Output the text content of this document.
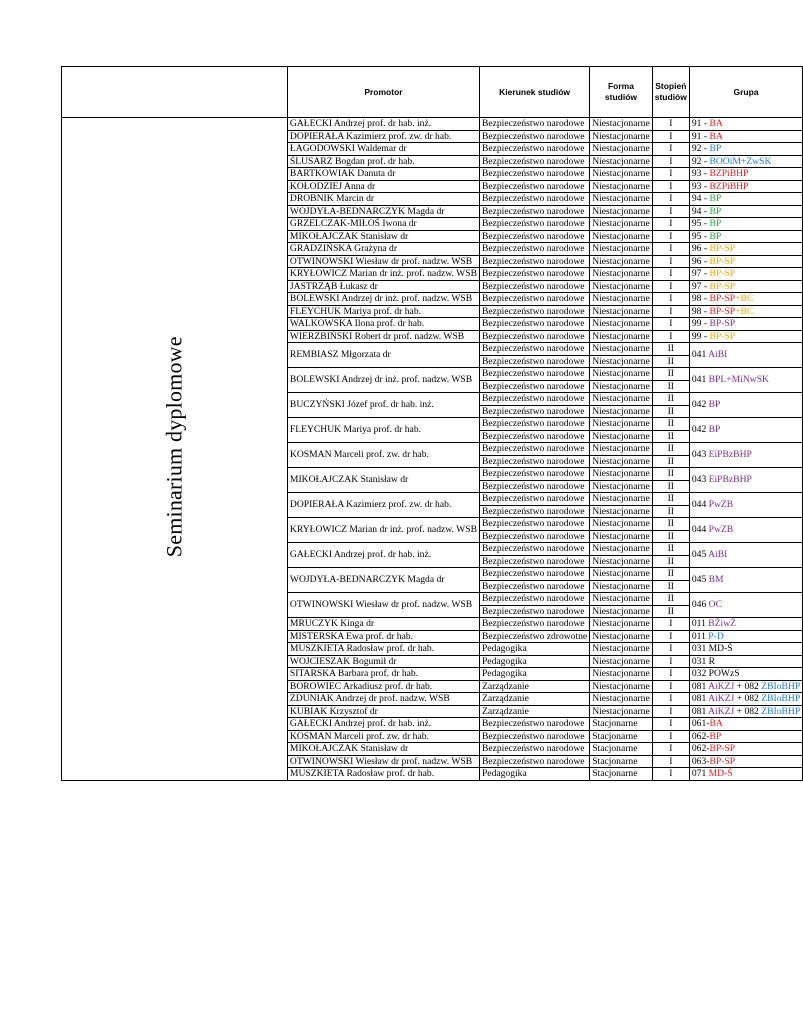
	Promotor	Kierunek studiów	Forma studiów	Stopień studiów	Grupa
Seminarium dyplomowe	GAŁECKI Andrzej prof. dr hab. inż.	Bezpieczeństwo narodowe	Niestacjonarne	I	91 - BA
	DOPIERAŁA Kazimierz prof. zw. dr hab.	Bezpieczeństwo narodowe	Niestacjonarne	I	91 - BA
	ŁAGODOWSKI Waldemar dr	Bezpieczeństwo narodowe	Niestacjonarne	I	92 - BP
	ŚLUSARZ Bogdan prof. dr hab.	Bezpieczeństwo narodowe	Niestacjonarne	I	92 - BOOiM+ZwSK
	BARTKOWIAK Danuta dr	Bezpieczeństwo narodowe	Niestacjonarne	I	93 - BZPiBHP
	KOŁODZIEJ Anna dr	Bezpieczeństwo narodowe	Niestacjonarne	I	93 - BZPiBHP
	DROBNIK Marcin dr	Bezpieczeństwo narodowe	Niestacjonarne	I	94 - BP
	WOJDYŁA-BEDNARCZYK Magda dr	Bezpieczeństwo narodowe	Niestacjonarne	I	94 - BP
	GRZELCZAK-MIŁOŚ Iwona dr	Bezpieczeństwo narodowe	Niestacjonarne	I	95 - BP
	MIKOŁAJCZAK Stanisław dr	Bezpieczeństwo narodowe	Niestacjonarne	I	95 - BP
	GRADZIŃSKA Grażyna dr	Bezpieczeństwo narodowe	Niestacjonarne	I	96 - BP-SP
	OTWINOWSKI Wiesław dr prof. nadzw. WSB	Bezpieczeństwo narodowe	Niestacjonarne	I	96 - BP-SP
	KRYŁOWICZ Marian dr inż. prof. nadzw. WSB	Bezpieczeństwo narodowe	Niestacjonarne	I	97 - BP-SP
	JASTRZĄB Łukasz dr	Bezpieczeństwo narodowe	Niestacjonarne	I	97 - BP-SP
	BOLEWSKI Andrzej dr inż. prof. nadzw. WSB	Bezpieczeństwo narodowe	Niestacjonarne	I	98 - BP-SP+BC
	FLEYCHUK Mariya prof. dr hab.	Bezpieczeństwo narodowe	Niestacjonarne	I	98 - BP-SP+BC
	WALKOWSKA Ilona prof. dr hab.	Bezpieczeństwo narodowe	Niestacjonarne	I	99 - BP-SP
	WIERZBIŃSKI Robert dr prof. nadzw. WSB	Bezpieczeństwo narodowe	Niestacjonarne	I	99 - BP-SP
	REMBIASZ Młgorzata dr	Bezpieczeństwo narodowe	Niestacjonarne	II	041 AiBI
		Bezpieczeństwo narodowe	Niestacjonarne	II	
	BOLEWSKI Andrzej dr inż. prof. nadzw. WSB	Bezpieczeństwo narodowe	Niestacjonarne	II	041 BPL+MiNwSK
		Bezpieczeństwo narodowe	Niestacjonarne	II	
	BUCZYŃSKI Józef prof. dr hab. inż.	Bezpieczeństwo narodowe	Niestacjonarne	II	042 BP
		Bezpieczeństwo narodowe	Niestacjonarne	II	
	FLEYCHUK Mariya prof. dr hab.	Bezpieczeństwo narodowe	Niestacjonarne	II	042 BP
		Bezpieczeństwo narodowe	Niestacjonarne	II	
	KOSMAN Marceli prof. zw. dr hab.	Bezpieczeństwo narodowe	Niestacjonarne	II	043 EiPBzBHP
		Bezpieczeństwo narodowe	Niestacjonarne	II	
	MIKOŁAJCZAK Stanisław dr	Bezpieczeństwo narodowe	Niestacjonarne	II	043 EiPBzBHP
		Bezpieczeństwo narodowe	Niestacjonarne	II	
	DOPIERAŁA Kazimierz prof. zw. dr hab.	Bezpieczeństwo narodowe	Niestacjonarne	II	044 PwZB
		Bezpieczeństwo narodowe	Niestacjonarne	II	
	KRYŁOWICZ Marian dr inż. prof. nadzw. WSB	Bezpieczeństwo narodowe	Niestacjonarne	II	044 PwZB
		Bezpieczeństwo narodowe	Niestacjonarne	II	
	GAŁECKI Andrzej prof. dr hab. inż.	Bezpieczeństwo narodowe	Niestacjonarne	II	045 AiBI
		Bezpieczeństwo narodowe	Niestacjonarne	II	
	WOJDYŁA-BEDNARCZYK Magda dr	Bezpieczeństwo narodowe	Niestacjonarne	II	045 BM
		Bezpieczeństwo narodowe	Niestacjonarne	II	
	OTWINOWSKI Wiesław dr prof. nadzw. WSB	Bezpieczeństwo narodowe	Niestacjonarne	II	046 OC
		Bezpieczeństwo narodowe	Niestacjonarne	II	
	MRUCZYK Kinga dr	Bezpieczeństwo narodowe	Niestacjonarne	I	011 BŻiwŻ
	MISTERSKA Ewa prof. dr hab.	Bezpieczeństwo zdrowotne	Niestacjonarne	I	011 P-D
	MUSZKIETA Radosław prof. dr hab.	Pedagogika	Niestacjonarne	I	031 MD-Ś
	WOJCIESZAK Bogumił dr	Pedagogika	Niestacjonarne	I	031 R
	SITARSKA Barbara prof. dr hab.	Pedagogika	Niestacjonarne	I	032 POWzS
	BOROWIEC Arkadiusz prof. dr hab.	Zarządzanie	Niestacjonarne	I	081 AiKZJ + 082 ZBIoBHP
	ZDUNIAK Andrzej dr prof. nadzw. WSB	Zarządzanie	Niestacjonarne	I	081 AiKZJ + 082 ZBIoBHP
	KUBIAK Krzysztof dr	Zarządzanie	Niestacjonarne	I	081 AiKZJ + 082 ZBIoBHP
	GAŁECKI Andrzej prof. dr hab. inż.	Bezpieczeństwo narodowe	Stacjonarne	I	061-BA
	KOSMAN Marceli prof. zw. dr hab.	Bezpieczeństwo narodowe	Stacjonarne	I	062-BP
	MIKOŁAJCZAK Stanisław dr	Bezpieczeństwo narodowe	Stacjonarne	I	062-BP-SP
	OTWINOWSKI Wiesław dr prof. nadzw. WSB	Bezpieczeństwo narodowe	Stacjonarne	I	063-BP-SP
	MUSZKIETA Radosław prof. dr hab.	Pedagogika	Stacjonarne	I	071 MD-Ś
